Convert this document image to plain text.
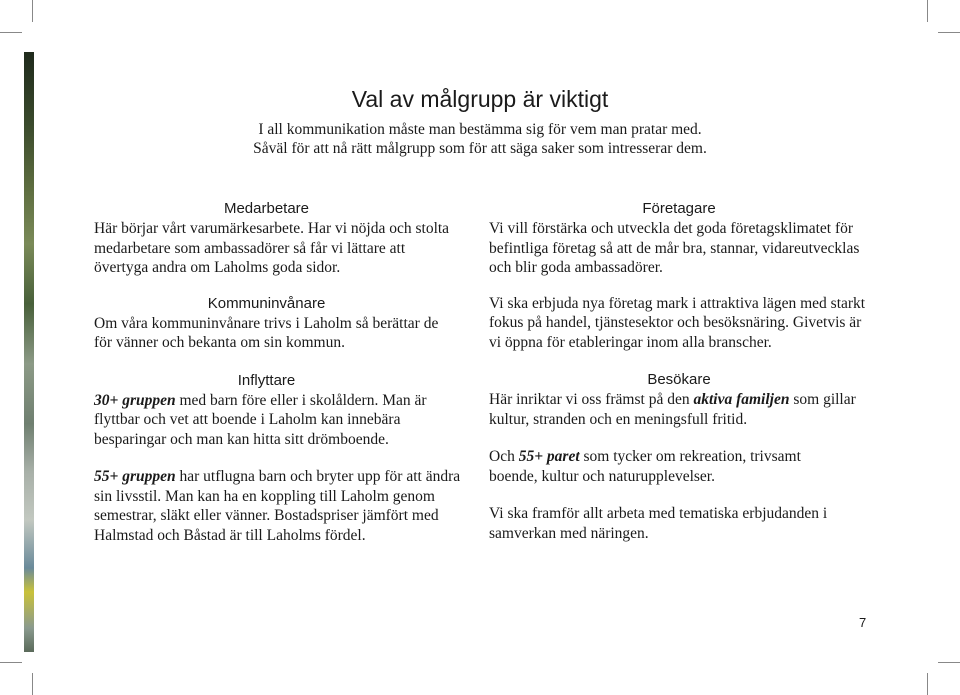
Val av målgrupp är viktigt
I all kommunikation måste man bestämma sig för vem man pratar med.
Såväl för att nå rätt målgrupp som för att säga saker som intresserar dem.
Medarbetare

Här börjar vårt varumärkesarbete. Har vi nöjda och stolta medarbetare som ambassadörer så får vi lättare att övertyga andra om Laholms goda sidor.

Kommuninvånare

Om våra kommuninvånare trivs i Laholm så berättar de för vänner och bekanta om sin kommun.

Inflyttare

30+ gruppen med barn före eller i skolåldern. Man är flyttbar och vet att boende i Laholm kan innebära besparingar och man kan hitta sitt drömboende.

55+ gruppen har utflugna barn och bryter upp för att ändra sin livsstil. Man kan ha en koppling till Laholm genom semestrar, släkt eller vänner. Bostadspriser jämfört med Halmstad och Båstad är till Laholms fördel.

Företagare

Vi vill förstärka och utveckla det goda företagsklimatet för befintliga företag så att de mår bra, stannar, vidareutvecklas och blir goda ambassadörer.

Vi ska erbjuda nya företag mark i attraktiva lägen med starkt fokus på handel, tjänstesektor och besöksnäring. Givetvis är vi öppna för etableringar inom alla branscher.

Besökare

Här inriktar vi oss främst på den aktiva familjen som gillar kultur, stranden och en meningsfull fritid.

Och 55+ paret som tycker om rekreation, trivsamt boende, kultur och naturupplevelser.

Vi ska framför allt arbeta med tematiska erbjudanden i samverkan med näringen.

7
